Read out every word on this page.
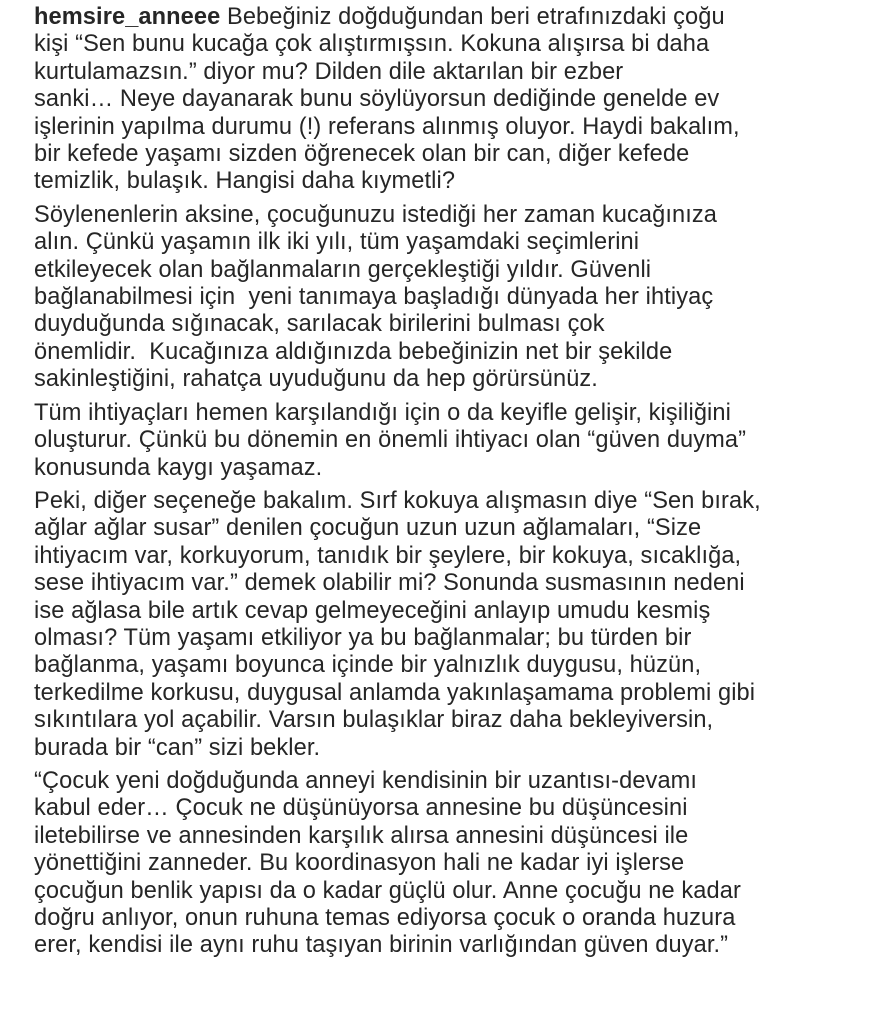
hemsire_anneee Bebeğiniz doğduğundan beri etrafınızdaki çoğu
kişi “Sen bunu kucağa çok alıştırmışsın. Kokuna alışırsa bi daha
kurtulamazsın.” diyor mu? Dilden dile aktarılan bir ezber
sanki… Neye dayanarak bunu söylüyorsun dediğinde genelde ev
işlerinin yapılma durumu (!) referans alınmış oluyor. Haydi bakalım,
bir kefede yaşamı sizden öğrenecek olan bir can, diğer kefede
temizlik, bulaşık. Hangisi daha kıymetli?
Söylenenlerin aksine, çocuğunuzu istediği her zaman kucağınıza
alın. Çünkü yaşamın ilk iki yılı, tüm yaşamdaki seçimlerini
etkileyecek olan bağlanmaların gerçekleştiği yıldır. Güvenli
bağlanabilmesi için  yeni tanımaya başladığı dünyada her ihtiyaç
duyduğunda sığınacak, sarılacak birilerini bulması çok
önemlidir.  Kucağınıza aldığınızda bebeğinizin net bir şekilde
sakinleştiğini, rahatça uyuduğunu da hep görürsünüz.
Tüm ihtiyaçları hemen karşılandığı için o da keyifle gelişir, kişiliğini
oluşturur. Çünkü bu dönemin en önemli ihtiyacı olan “güven duyma”
konusunda kaygı yaşamaz.
Peki, diğer seçeneğe bakalım. Sırf kokuya alışmasın diye “Sen bırak,
ağlar ağlar susar” denilen çocuğun uzun uzun ağlamaları, “Size
ihtiyacım var, korkuyorum, tanıdık bir şeylere, bir kokuya, sıcaklığa,
sese ihtiyacım var.” demek olabilir mi? Sonunda susmasının nedeni
ise ağlasa bile artık cevap gelmeyeceğini anlayıp umudu kesmiş
olması? Tüm yaşamı etkiliyor ya bu bağlanmalar; bu türden bir
bağlanma, yaşamı boyunca içinde bir yalnızlık duygusu, hüzün,
terkedilme korkusu, duygusal anlamda yakınlaşamama problemi gibi
sıkıntılara yol açabilir. Varsın bulaşıklar biraz daha bekleyiversin,
burada bir “can” sizi bekler.
“Çocuk yeni doğduğunda anneyi kendisinin bir uzantısı-devamı
kabul eder… Çocuk ne düşünüyorsa annesine bu düşüncesini
iletebilirse ve annesinden karşılık alırsa annesini düşüncesi ile
yönettiğini zanneder. Bu koordinasyon hali ne kadar iyi işlerse
çocuğun benlik yapısı da o kadar güçlü olur. Anne çocuğu ne kadar
doğru anlıyor, onun ruhuna temas ediyorsa çocuk o oranda huzura
erer, kendisi ile aynı ruhu taşıyan birinin varlığından güven duyar.”
